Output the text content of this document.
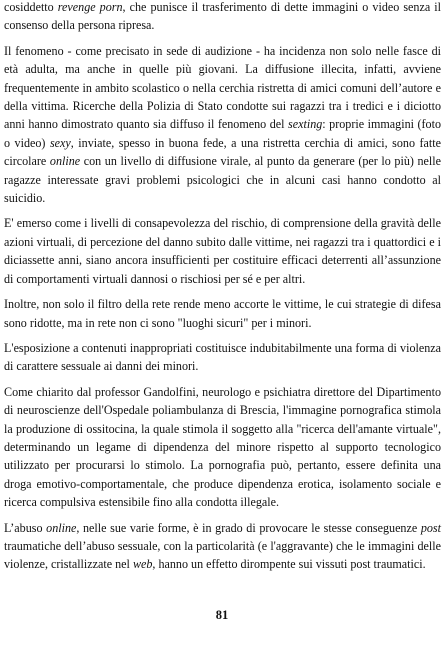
cosiddetto revenge porn, che punisce il trasferimento di dette immagini o video senza il consenso della persona ripresa.

Il fenomeno - come precisato in sede di audizione - ha incidenza non solo nelle fasce di età adulta, ma anche in quelle più giovani. La diffusione illecita, infatti, avviene frequentemente in ambito scolastico o nella cerchia ristretta di amici comuni dell’autore e della vittima. Ricerche della Polizia di Stato condotte sui ragazzi tra i tredici e i diciotto anni hanno dimostrato quanto sia diffuso il fenomeno del sexting: proprie immagini (foto o video) sexy, inviate, spesso in buona fede, a una ristretta cerchia di amici, sono fatte circolare online con un livello di diffusione virale, al punto da generare (per lo più) nelle ragazze interessate gravi problemi psicologici che in alcuni casi hanno condotto al suicidio.

E' emerso come i livelli di consapevolezza del rischio, di comprensione della gravità delle azioni virtuali, di percezione del danno subito dalle vittime, nei ragazzi tra i quattordici e i diciassette anni, siano ancora insufficienti per costituire efficaci deterrenti all’assunzione di comportamenti virtuali dannosi o rischiosi per sé e per altri.

Inoltre, non solo il filtro della rete rende meno accorte le vittime, le cui strategie di difesa sono ridotte, ma in rete non ci sono "luoghi sicuri" per i minori.

L'esposizione a contenuti inappropriati costituisce indubitabilmente una forma di violenza di carattere sessuale ai danni dei minori.

Come chiarito dal professor Gandolfini, neurologo e psichiatra direttore del Dipartimento di neuroscienze dell'Ospedale poliambulanza di Brescia, l'immagine pornografica stimola la produzione di ossitocina, la quale stimola il soggetto alla "ricerca dell'amante virtuale", determinando un legame di dipendenza del minore rispetto al supporto tecnologico utilizzato per procurarsi lo stimolo. La pornografia può, pertanto, essere definita una droga emotivo-comportamentale, che produce dipendenza erotica, isolamento sociale e ricerca compulsiva estensibile fino alla condotta illegale.

L’abuso online, nelle sue varie forme, è in grado di provocare le stesse conseguenze post traumatiche dell’abuso sessuale, con la particolarità (e l'aggravante) che le immagini delle violenze, cristallizzate nel web, hanno un effetto dirompente sui vissuti post traumatici.

81
